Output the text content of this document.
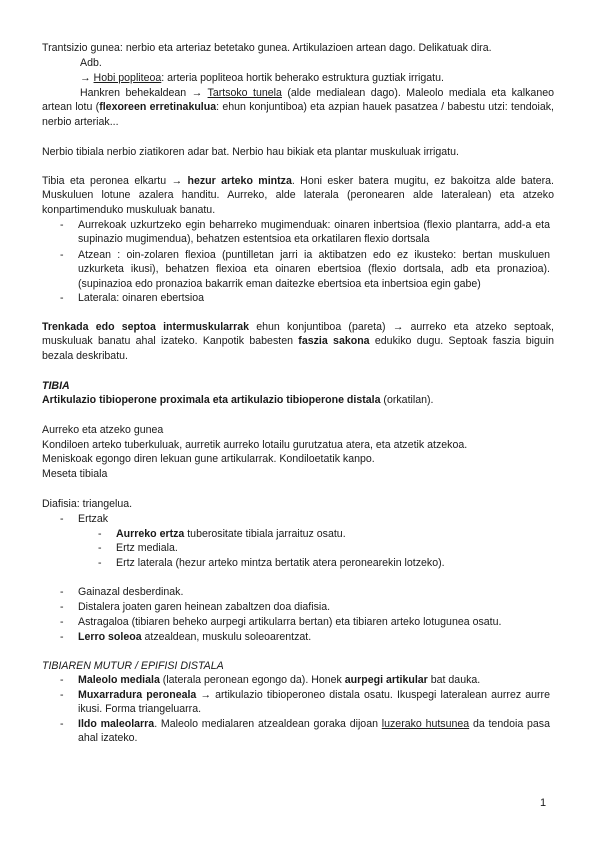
Trantsizio gunea: nerbio eta arteriaz betetako gunea. Artikulazioen artean dago. Delikatuak dira.

Adb.

→ Hobi popliteoa: arteria popliteoa hortik beherako estruktura guztiak irrigatu.

Hankren behekaldean → Tartsoko tunela (alde medialean dago). Maleolo mediala eta kalkaneo artean lotu (flexoreen erretinakulua: ehun konjuntiboa) eta azpian hauek pasatzea / babestu utzi: tendoiak, nerbio arteriak...

Nerbio tibiala nerbio ziatikoren adar bat. Nerbio hau bikiak eta plantar muskuluak irrigatu.

Tibia eta peronea elkartu → hezur arteko mintza. Honi esker batera mugitu, ez bakoitza alde batera. Muskuluen lotune azalera handitu. Aurreko, alde laterala (peronearen alde lateralean) eta atzeko konpartimenduko muskuluak banatu.

- Aurrekoak uzkurtzeko egin beharreko mugimenduak: oinaren inbertsioa (flexio plantarra, add-a eta supinazio mugimendua), behatzen estentsioa eta orkatilaren flexio dortsala

- Atzean : oin-zolaren flexioa (puntilletan jarri ia aktibatzen edo ez ikusteko: bertan muskuluen uzkurketa ikusi), behatzen flexioa eta oinaren ebertsioa (flexio dortsala, adb eta pronazioa). (supinazioa edo pronazioa bakarrik eman daitezke ebertsioa eta inbertsioa egin gabe)

- Laterala: oinaren ebertsioa

Trenkada edo septoa intermuskularrak ehun konjuntiboa (pareta) → aurreko eta atzeko septoak, muskuluak banatu ahal izateko. Kanpotik babesten faszia sakona edukiko dugu. Septoak faszia biguin bezala deskribatu.

TIBIA

Artikulazio tibioperone proximala eta artikulazio tibioperone distala (orkatilan).

Aurreko eta atzeko gunea

Kondiloen arteko tuberkuluak, aurretik aurreko lotailu gurutzatua atera, eta atzetik atzekoa.

Meniskoak egongo diren lekuan gune artikularrak. Kondiloetatik kanpo.

Meseta tibiala

Diafisia: triangelua.

- Ertzak

- Aurreko ertza tuberositate tibiala jarraituz osatu.

- Ertz mediala.

- Ertz laterala (hezur arteko mintza bertatik atera peronearekin lotzeko).

- Gainazal desberdinak.

- Distalera joaten garen heinean zabaltzen doa diafisia.

- Astragaloa (tibiaren beheko aurpegi artikularra bertan) eta tibiaren arteko lotugunea osatu.

- Lerro soleoa atzealdean, muskulu soleoarentzat.

TIBIAREN MUTUR / EPIFISI DISTALA

- Maleolo mediala (laterala peronean egongo da). Honek aurpegi artikular bat dauka.

- Muxarradura peroneala → artikulazio tibioperoneo distala osatu. Ikuspegi lateralean aurrez aurre ikusi. Forma triangeluarra.

- Ildo maleolarra. Maleolo medialaren atzealdean goraka dijoan luzerako hutsunea da tendoia pasa ahal izateko.

1
